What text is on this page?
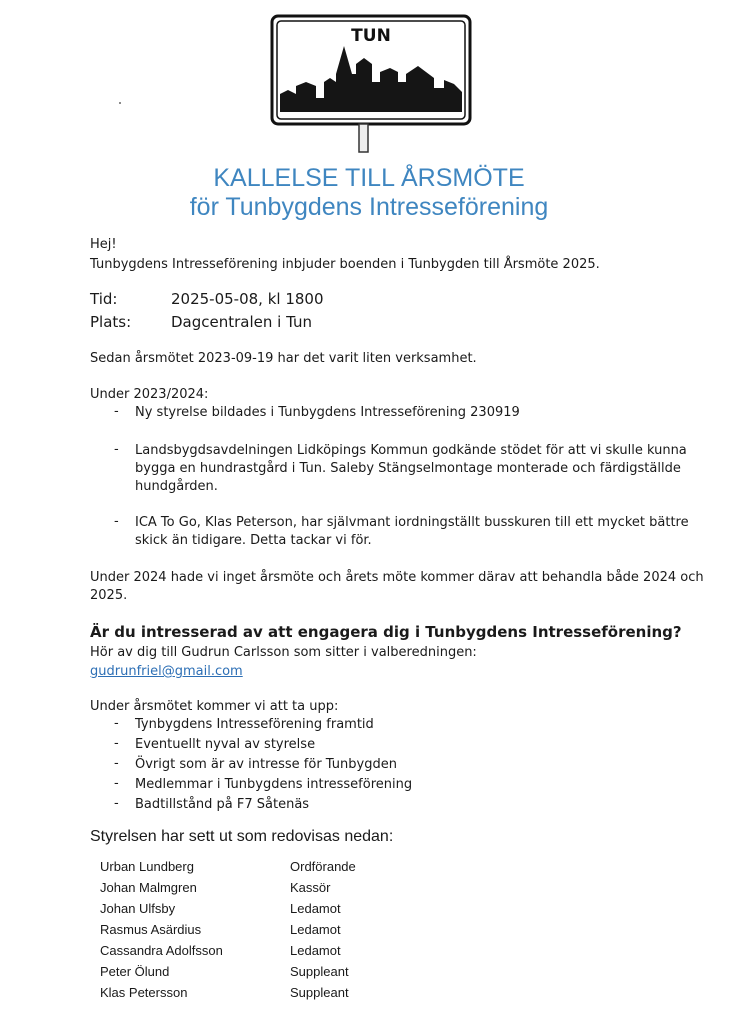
TUN
KALLELSE TILL ÅRSMÖTE
för Tunbygdens Intresseförening
Hej!
Tunbygdens Intresseförening inbjuder boenden i Tunbygden till Årsmöte 2025.
Tid:	2025-05-08, kl 1800
Plats:	Dagcentralen i Tun
Sedan årsmötet 2023-09-19 har det varit liten verksamhet.
Under 2023/2024:
- Ny styrelse bildades i Tunbygdens Intresseförening 230919
- Landsbygdsavdelningen Lidköpings Kommun godkände stödet för att vi skulle kunna
bygga en hundrastgård i Tun. Saleby Stängselmontage monterade och färdigställde
hundgården.
- ICA To Go, Klas Peterson, har självmant iordningställt busskuren till ett mycket bättre
skick än tidigare. Detta tackar vi för.
Under 2024 hade vi inget årsmöte och årets möte kommer därav att behandla både 2024 och
2025.
Är du intresserad av att engagera dig i Tunbygdens Intresseförening?
Hör av dig till Gudrun Carlsson som sitter i valberedningen:
gudrunfriel@gmail.com
Under årsmötet kommer vi att ta upp:
- Tynbygdens Intresseförening framtid
- Eventuellt nyval av styrelse
- Övrigt som är av intresse för Tunbygden
- Medlemmar i Tunbygdens intresseförening
- Badtillstånd på F7 Såtenäs
Styrelsen har sett ut som redovisas nedan:
Urban Lundberg	Ordförande
Johan Malmgren	Kassör
Johan Ulfsby	Ledamot
Rasmus Asärdius	Ledamot
Cassandra Adolfsson	Ledamot
Peter Ölund	Suppleant
Klas Petersson	Suppleant
